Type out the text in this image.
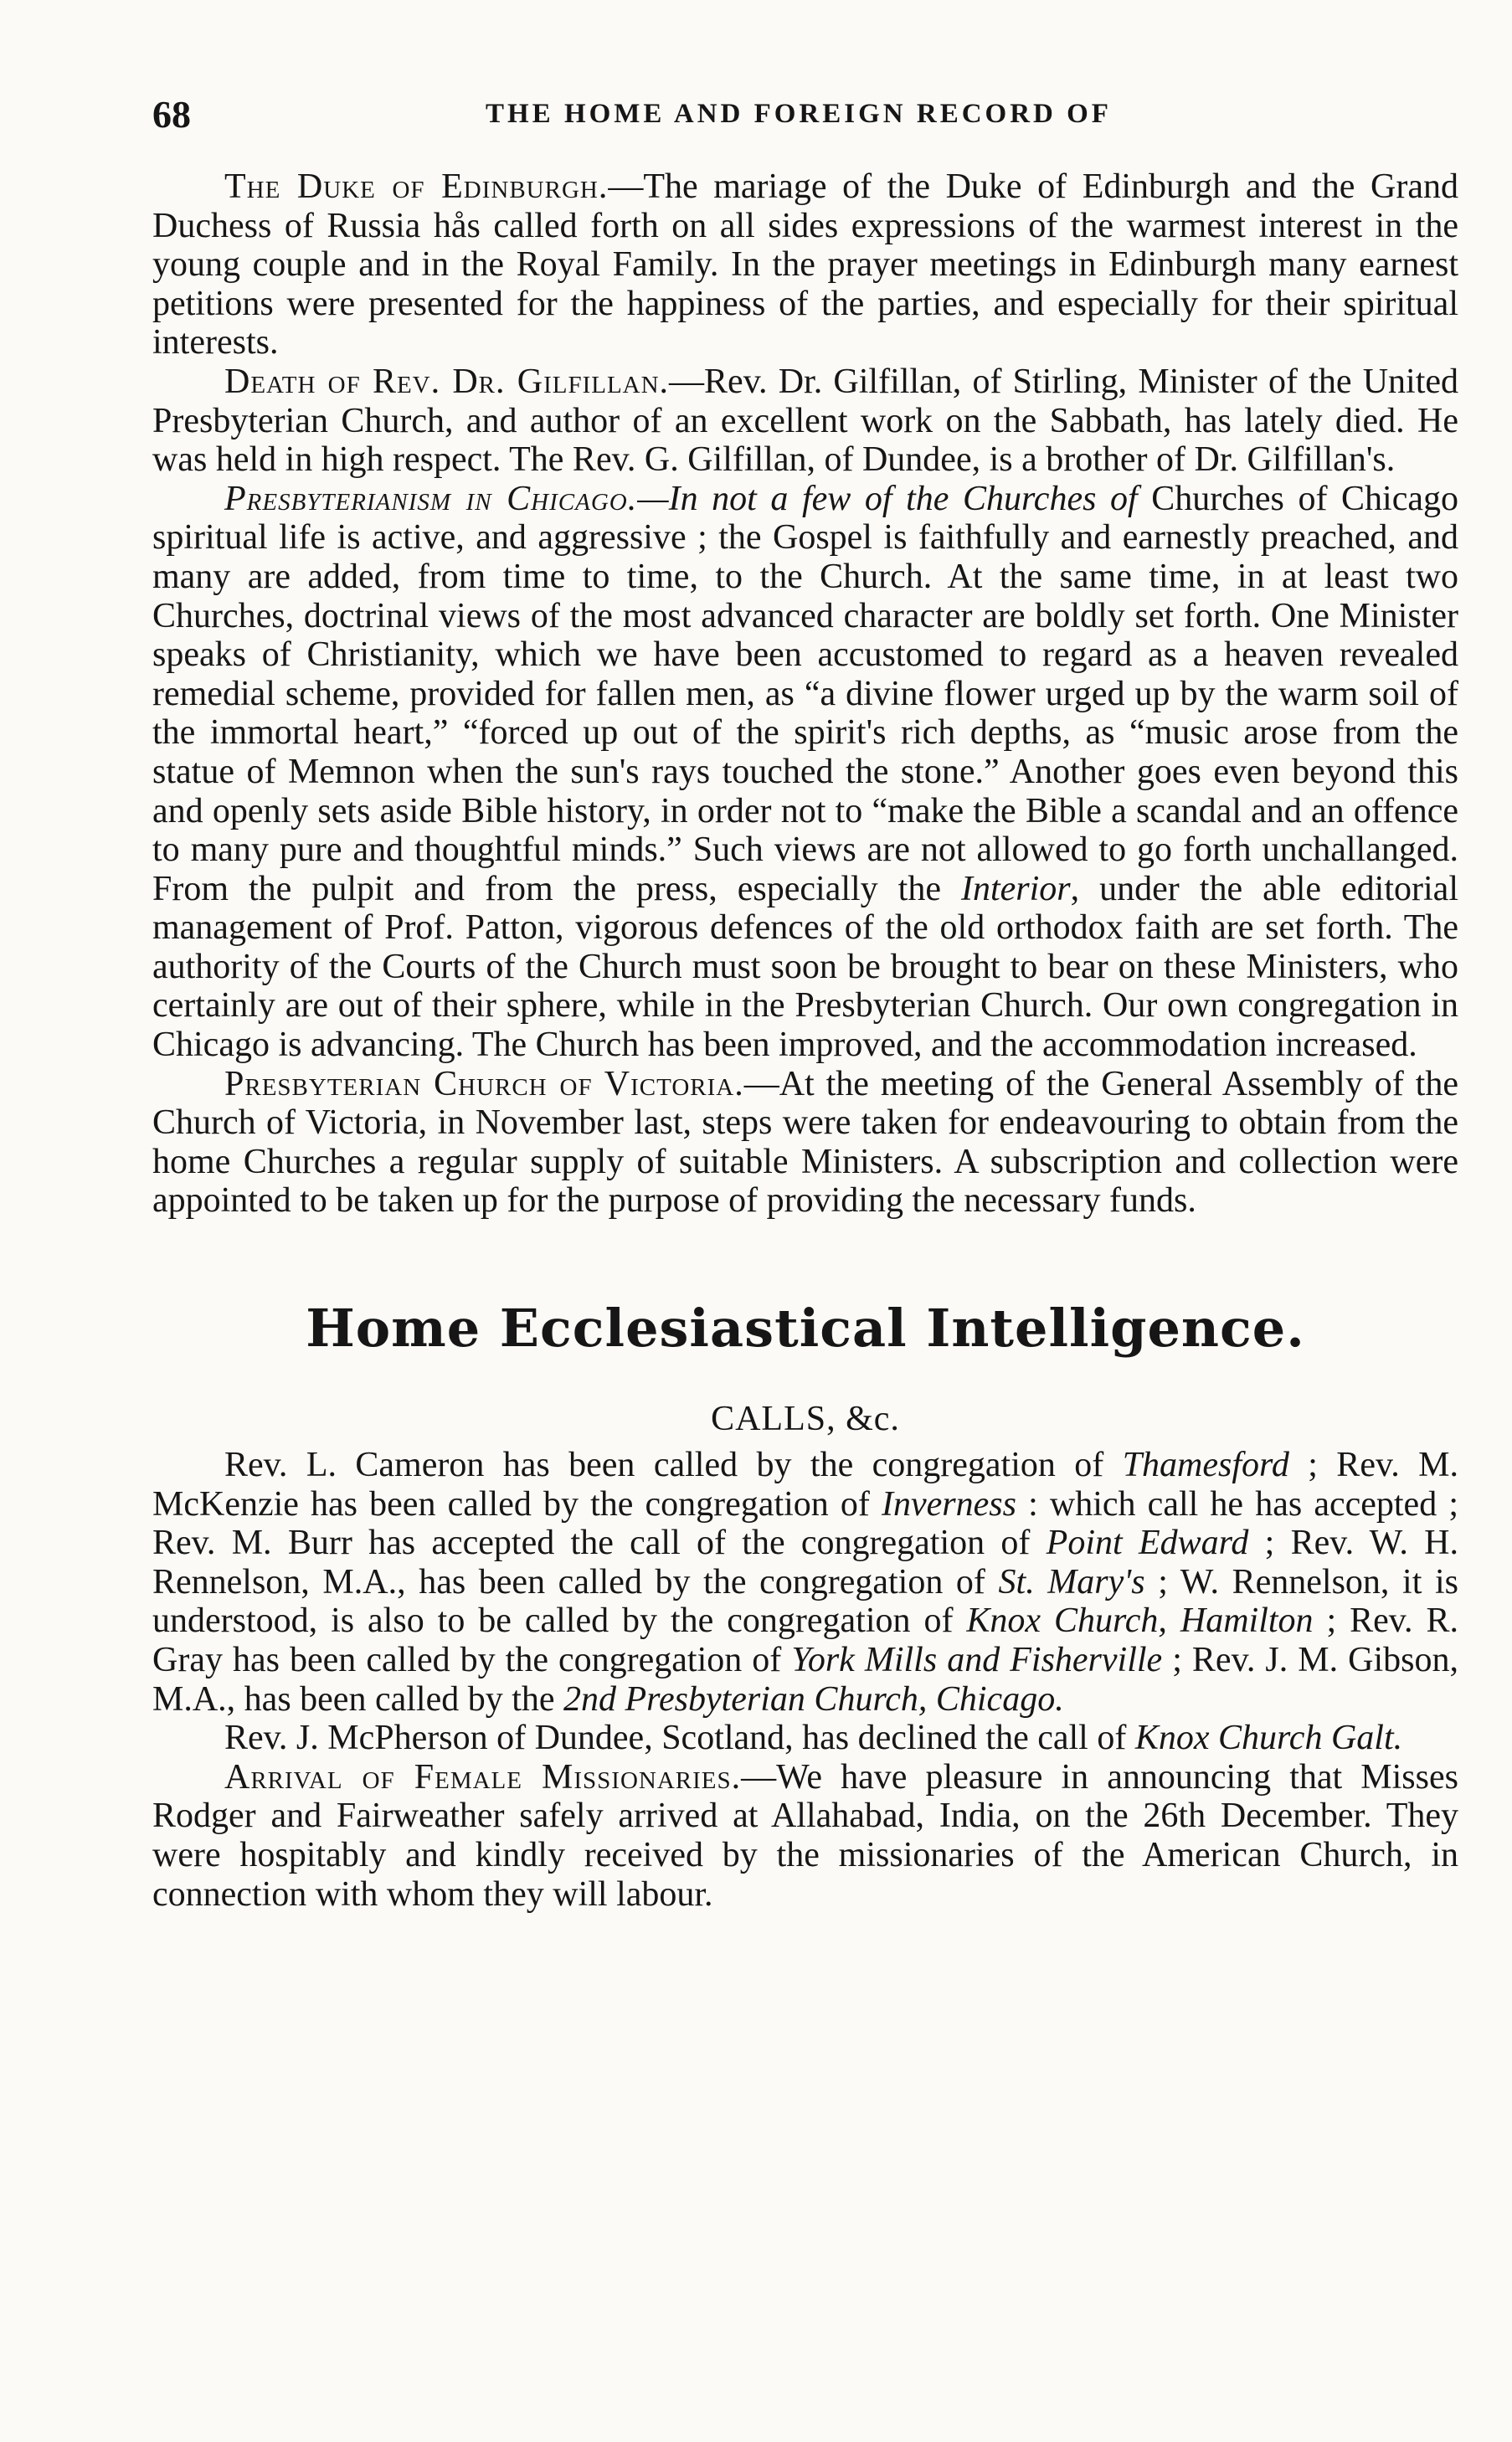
68	THE HOME AND FOREIGN RECORD OF

The Duke of Edinburgh.—The mariage of the Duke of Edinburgh and the Grand Duchess of Russia hås called forth on all sides expressions of the warmest interest in the young couple and in the Royal Family. In the prayer meetings in Edinburgh many earnest petitions were presented for the happiness of the parties, and especially for their spiritual interests.

Death of Rev. Dr. Gilfillan.—Rev. Dr. Gilfillan, of Stirling, Minister of the United Presbyterian Church, and author of an excellent work on the Sabbath, has lately died. He was held in high respect. The Rev. G. Gilfillan, of Dundee, is a brother of Dr. Gilfillan's.

Presbyterianism in Chicago.—In not a few of the Churches of Churches of Chicago spiritual life is active, and aggressive ; the Gospel is faithfully and earnestly preached, and many are added, from time to time, to the Church. At the same time, in at least two Churches, doctrinal views of the most advanced character are boldly set forth. One Minister speaks of Christianity, which we have been accustomed to regard as a heaven revealed remedial scheme, provided for fallen men, as “a divine flower urged up by the warm soil of the immortal heart,” “forced up out of the spirit's rich depths, as “music arose from the statue of Memnon when the sun's rays touched the stone.” Another goes even beyond this and openly sets aside Bible history, in order not to “make the Bible a scandal and an offence to many pure and thoughtful minds.” Such views are not allowed to go forth unchallanged. From the pulpit and from the press, especially the Interior, under the able editorial management of Prof. Patton, vigorous defences of the old orthodox faith are set forth. The authority of the Courts of the Church must soon be brought to bear on these Ministers, who certainly are out of their sphere, while in the Presbyterian Church. Our own congregation in Chicago is advancing. The Church has been improved, and the accommodation increased.

Presbyterian Church of Victoria.—At the meeting of the General Assembly of the Church of Victoria, in November last, steps were taken for endeavouring to obtain from the home Churches a regular supply of suitable Ministers. A subscription and collection were appointed to be taken up for the purpose of providing the necessary funds.

Home Ecclesiastical Intelligence.
CALLS, &c.

Rev. L. Cameron has been called by the congregation of Thamesford ; Rev. M. McKenzie has been called by the congregation of Inverness : which call he has accepted ; Rev. M. Burr has accepted the call of the congregation of Point Edward ; Rev. W. H. Rennelson, M.A., has been called by the congregation of St. Mary's ; W. Rennelson, it is understood, is also to be called by the congregation of Knox Church, Hamilton ; Rev. R. Gray has been called by the congregation of York Mills and Fisherville ; Rev. J. M. Gibson, M.A., has been called by the 2nd Presbyterian Church, Chicago.

Rev. J. McPherson of Dundee, Scotland, has declined the call of Knox Church Galt.

Arrival of Female Missionaries.—We have pleasure in announcing that Misses Rodger and Fairweather safely arrived at Allahabad, India, on the 26th December. They were hospitably and kindly received by the missionaries of the American Church, in connection with whom they will labour.
